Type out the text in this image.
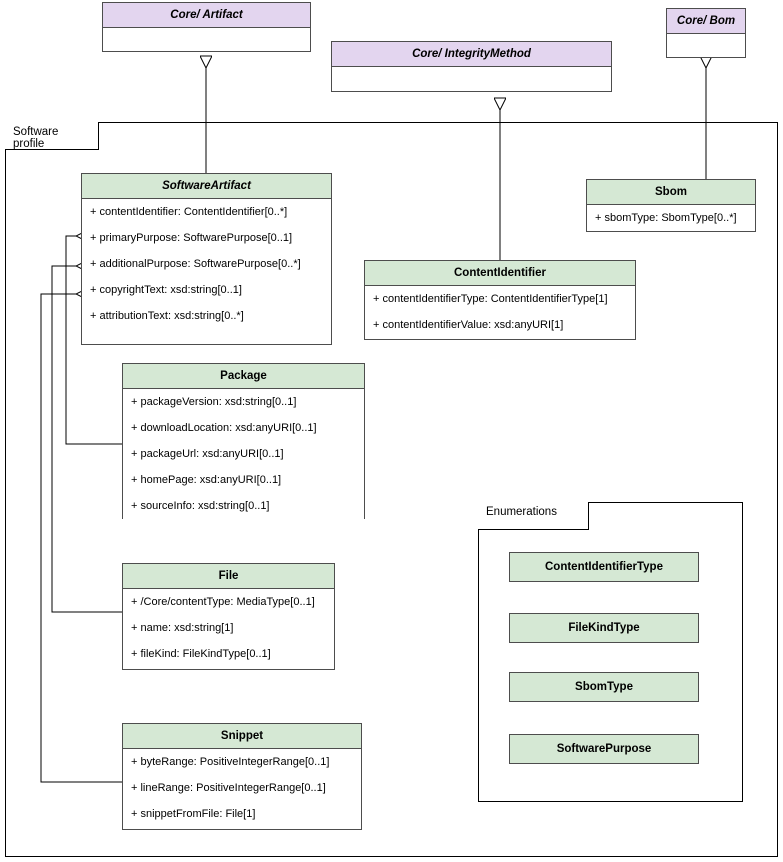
Software profile
Enumerations
Core/ Artifact
Core/ IntegrityMethod
Core/ Bom
SoftwareArtifact
+ contentIdentifier: ContentIdentifier[0..*]
+ primaryPurpose: SoftwarePurpose[0..1]
+ additionalPurpose: SoftwarePurpose[0..*]
+ copyrightText: xsd:string[0..1]
+ attributionText: xsd:string[0..*]
Sbom
+ sbomType: SbomType[0..*]
ContentIdentifier
+ contentIdentifierType: ContentIdentifierType[1]
+ contentIdentifierValue: xsd:anyURI[1]
Package
+ packageVersion: xsd:string[0..1]
+ downloadLocation: xsd:anyURI[0..1]
+ packageUrl: xsd:anyURI[0..1]
+ homePage: xsd:anyURI[0..1]
+ sourceInfo: xsd:string[0..1]
File
+ /Core/contentType: MediaType[0..1]
+ name: xsd:string[1]
+ fileKind: FileKindType[0..1]
Snippet
+ byteRange: PositiveIntegerRange[0..1]
+ lineRange: PositiveIntegerRange[0..1]
+ snippetFromFile: File[1]
ContentIdentifierType
FileKindType
SbomType
SoftwarePurpose
